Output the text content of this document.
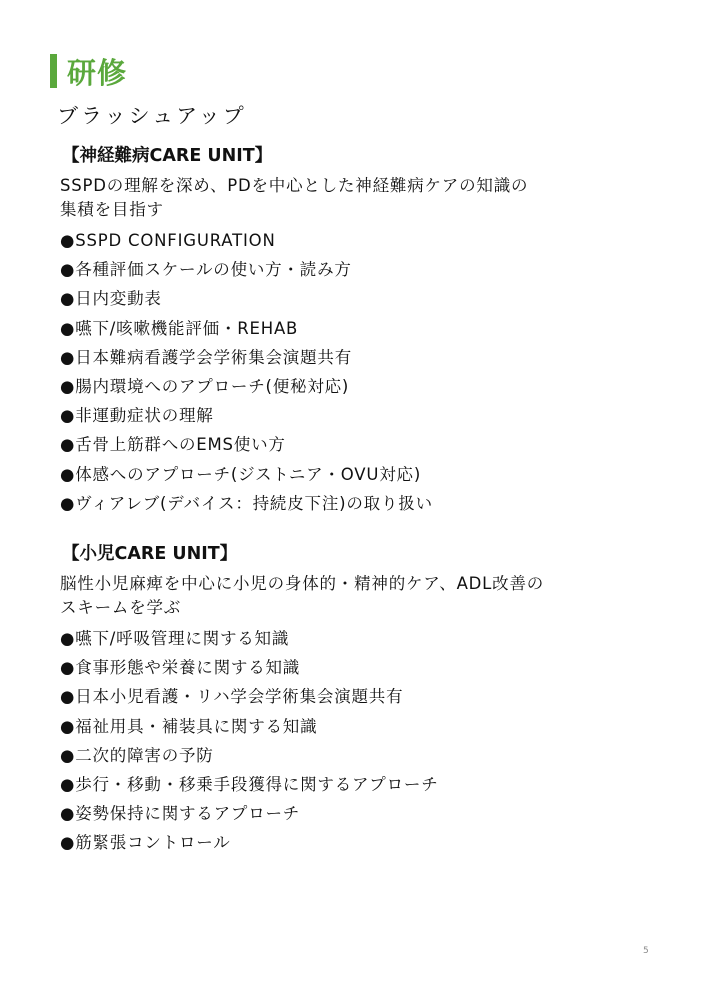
研修
ブラッシュアップ
【神経難病CARE UNIT】
SSPDの理解を深め、PDを中心とした神経難病ケアの知識の
集積を目指す
●SSPD CONFIGURATION
●各種評価スケールの使い方・読み方
●日内変動表
●嚥下/咳嗽機能評価・REHAB
●日本難病看護学会学術集会演題共有
●腸内環境へのアプローチ(便秘対応)
●非運動症状の理解
●舌骨上筋群へのEMS使い方
●体感へのアプローチ(ジストニア・OVU対応)
●ヴィアレブ(デバイス：持続皮下注)の取り扱い
【小児CARE UNIT】
脳性小児麻痺を中心に小児の身体的・精神的ケア、ADL改善の
スキームを学ぶ
●嚥下/呼吸管理に関する知識
●食事形態や栄養に関する知識
●日本小児看護・リハ学会学術集会演題共有
●福祉用具・補装具に関する知識
●二次的障害の予防
●歩行・移動・移乗手段獲得に関するアプローチ
●姿勢保持に関するアプローチ
●筋緊張コントロール
5
